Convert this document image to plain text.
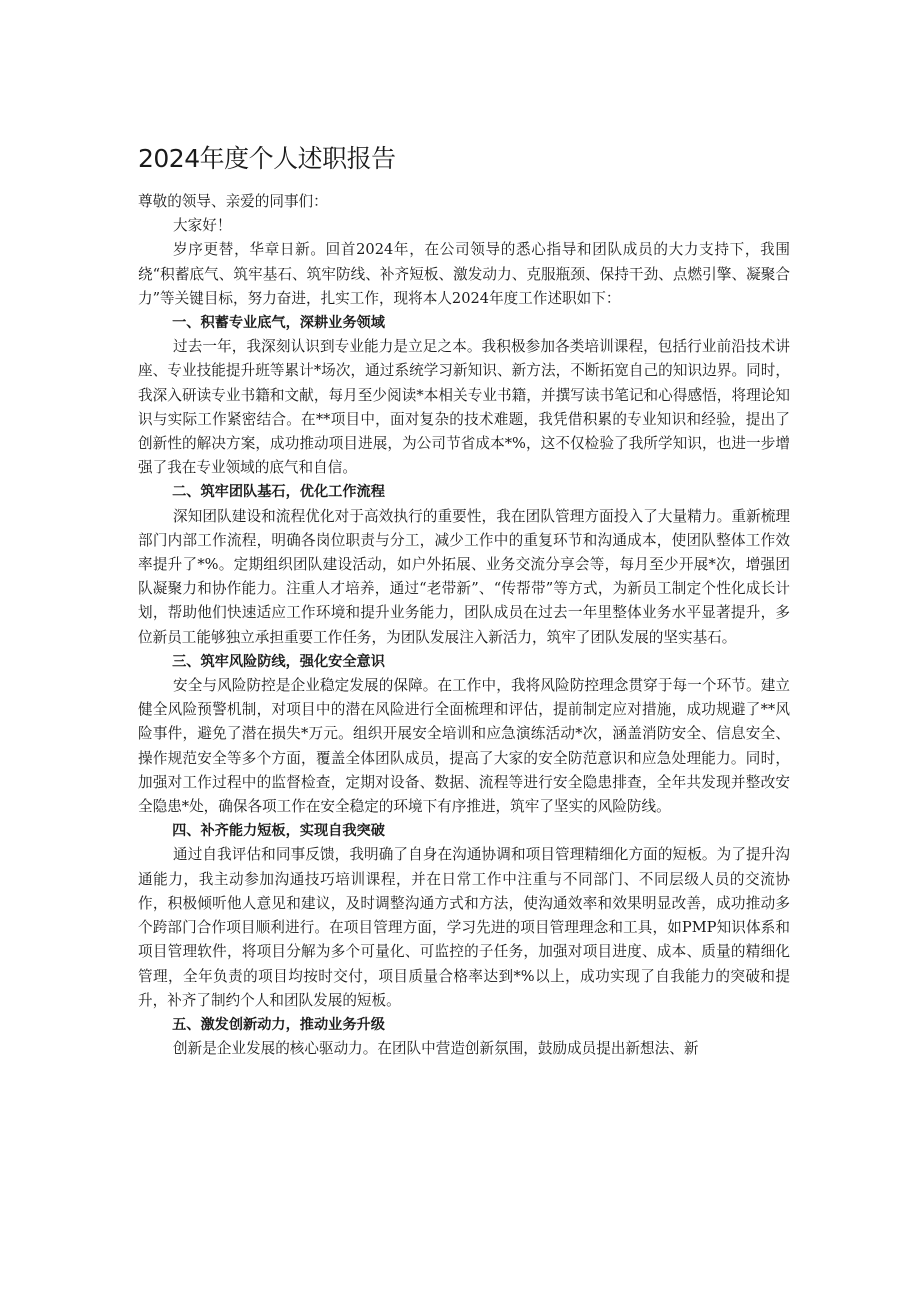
2024年度个人述职报告

尊敬的领导、亲爱的同事们：

大家好！

岁序更替，华章日新。回首2024年，在公司领导的悉心指导和团队成员的大力支持下，我围绕“积蓄底气、筑牢基石、筑牢防线、补齐短板、激发动力、克服瓶颈、保持干劲、点燃引擎、凝聚合力”等关键目标，努力奋进，扎实工作，现将本人2024年度工作述职如下：

一、积蓄专业底气，深耕业务领域

过去一年，我深刻认识到专业能力是立足之本。我积极参加各类培训课程，包括行业前沿技术讲座、专业技能提升班等累计*场次，通过系统学习新知识、新方法，不断拓宽自己的知识边界。同时，我深入研读专业书籍和文献，每月至少阅读*本相关专业书籍，并撰写读书笔记和心得感悟，将理论知识与实际工作紧密结合。在**项目中，面对复杂的技术难题，我凭借积累的专业知识和经验，提出了创新性的解决方案，成功推动项目进展，为公司节省成本*%，这不仅检验了我所学知识，也进一步增强了我在专业领域的底气和自信。

二、筑牢团队基石，优化工作流程

深知团队建设和流程优化对于高效执行的重要性，我在团队管理方面投入了大量精力。重新梳理部门内部工作流程，明确各岗位职责与分工，减少工作中的重复环节和沟通成本，使团队整体工作效率提升了*%。定期组织团队建设活动，如户外拓展、业务交流分享会等，每月至少开展*次，增强团队凝聚力和协作能力。注重人才培养，通过“老带新”、“传帮带”等方式，为新员工制定个性化成长计划，帮助他们快速适应工作环境和提升业务能力，团队成员在过去一年里整体业务水平显著提升，多位新员工能够独立承担重要工作任务，为团队发展注入新活力，筑牢了团队发展的坚实基石。

三、筑牢风险防线，强化安全意识

安全与风险防控是企业稳定发展的保障。在工作中，我将风险防控理念贯穿于每一个环节。建立健全风险预警机制，对项目中的潜在风险进行全面梳理和评估，提前制定应对措施，成功规避了**风险事件，避免了潜在损失*万元。组织开展安全培训和应急演练活动*次，涵盖消防安全、信息安全、操作规范安全等多个方面，覆盖全体团队成员，提高了大家的安全防范意识和应急处理能力。同时，加强对工作过程中的监督检查，定期对设备、数据、流程等进行安全隐患排查，全年共发现并整改安全隐患*处，确保各项工作在安全稳定的环境下有序推进，筑牢了坚实的风险防线。

四、补齐能力短板，实现自我突破

通过自我评估和同事反馈，我明确了自身在沟通协调和项目管理精细化方面的短板。为了提升沟通能力，我主动参加沟通技巧培训课程，并在日常工作中注重与不同部门、不同层级人员的交流协作，积极倾听他人意见和建议，及时调整沟通方式和方法，使沟通效率和效果明显改善，成功推动多个跨部门合作项目顺利进行。在项目管理方面，学习先进的项目管理理念和工具，如PMP知识体系和项目管理软件，将项目分解为多个可量化、可监控的子任务，加强对项目进度、成本、质量的精细化管理，全年负责的项目均按时交付，项目质量合格率达到*%以上，成功实现了自我能力的突破和提升，补齐了制约个人和团队发展的短板。

五、激发创新动力，推动业务升级

创新是企业发展的核心驱动力。在团队中营造创新氛围，鼓励成员提出新想法、新
